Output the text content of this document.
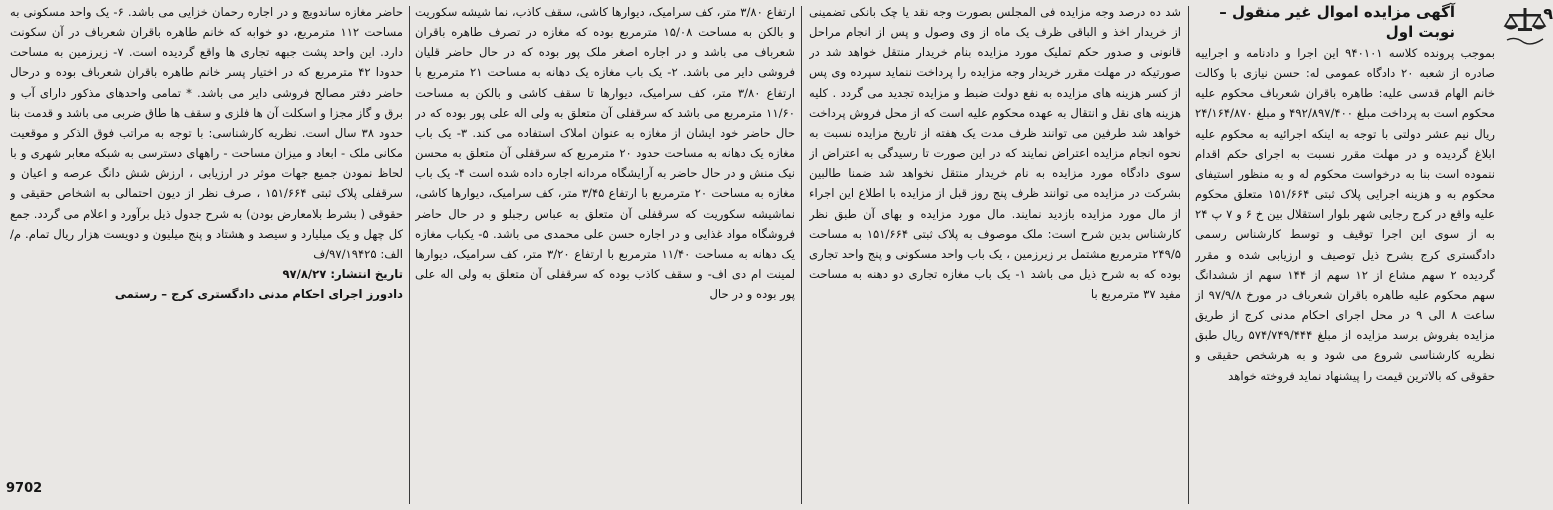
۹
آگهی مزایده اموال غیر منقول – نوبت اول

بموجب پرونده کلاسه ۹۴۰۱۰۱ این اجرا و دادنامه و اجراییه صادره از شعبه ۲۰ دادگاه عمومی له: حسن نیازی با وکالت خانم الهام قدسی علیه: طاهره باقران شعرباف محکوم علیه محکوم است به پرداخت مبلغ ۴۹۲/۸۹۷/۴۰۰ و مبلغ ۲۴/۱۶۴/۸۷۰ ریال نیم عشر دولتی با توجه به اینکه اجرائیه به محکوم علیه ابلاغ گردیده و در مهلت مقرر نسبت به اجرای حکم اقدام ننموده است بنا به درخواست محکوم له و به منظور استیفای محکوم به و هزینه اجرایی پلاک ثبتی ۱۵۱/۶۶۴ متعلق محکوم علیه واقع در کرج رجایی شهر بلوار استقلال بین خ ۶ و ۷ پ ۲۴ به از سوی این اجرا توقیف و توسط کارشناس رسمی دادگستری کرج بشرح ذیل توصیف و ارزیابی شده و مقرر گردیده ۲ سهم مشاع از ۱۲ سهم از ۱۴۴ سهم از ششدانگ سهم محکوم علیه طاهره باقران شعرباف در مورخ ۹۷/۹/۸ از ساعت ۸ الی ۹ در محل اجرای احکام مدنی کرج از طریق مزایده بفروش برسد مزایده از مبلغ ۵۷۴/۷۴۹/۴۴۴ ریال طبق نظریه کارشناسی شروع می شود و به هرشخص حقیقی و حقوقی که بالاترین قیمت را پیشنهاد نماید فروخته خواهد

شد ده درصد وجه مزایده فی المجلس بصورت وجه نقد یا چک بانکی تضمینی از خریدار اخذ و الباقی ظرف یک ماه از وی وصول و پس از انجام مراحل قانونی و صدور حکم تملیک مورد مزایده بنام خریدار منتقل خواهد شد در صورتیکه در مهلت مقرر خریدار وجه مزایده را پرداخت ننماید سپرده وی پس از کسر هزینه های مزایده به نفع دولت ضبط و مزایده تجدید می گردد . کلیه هزینه های نقل و انتقال به عهده محکوم علیه است که از محل فروش پرداخت خواهد شد طرفین می توانند ظرف مدت یک هفته از تاریخ مزایده نسبت به نحوه انجام مزایده اعتراض نمایند که در این صورت تا رسیدگی به اعتراض از سوی دادگاه مورد مزایده به نام خریدار منتقل نخواهد شد ضمنا طالبین بشرکت در مزایده می توانند ظرف پنج روز قبل از مزایده با اطلاع این اجراء از مال مورد مزایده بازدید نمایند. مال مورد مزایده و بهای آن طبق نظر کارشناس بدین شرح است: ملک موصوف به پلاک ثبتی ۱۵۱/۶۶۴ به مساحت ۲۴۹/۵ مترمربع مشتمل بر زیرزمین ، یک باب واحد مسکونی و پنج واحد تجاری بوده که به شرح ذیل می باشد ۱- یک باب مغازه تجاری دو دهنه به مساحت مفید ۳۷ مترمربع با

ارتفاع ۳/۸۰ متر، کف سرامیک، دیوارها کاشی، سقف کاذب، نما شیشه سکوریت و بالکن به مساحت ۱۵/۰۸ مترمربع بوده که مغازه در تصرف طاهره باقران شعرباف می باشد و در اجاره اصغر ملک پور بوده که در حال حاضر قلیان فروشی دایر می باشد. ۲- یک باب مغازه یک دهانه به مساحت ۲۱ مترمربع با ارتفاع ۳/۸۰ متر، کف سرامیک، دیوارها تا سقف کاشی و بالکن به مساحت ۱۱/۶۰ مترمربع می باشد که سرقفلی آن متعلق به ولی اله علی پور بوده که در حال حاضر خود ایشان از مغازه به عنوان املاک استفاده می کند. ۳- یک باب مغازه یک دهانه به مساحت حدود ۲۰ مترمربع که سرقفلی آن متعلق به محسن نیک منش و در حال حاضر به آرایشگاه مردانه اجاره داده شده است ۴- یک باب مغازه به مساحت ۲۰ مترمربع با ارتفاع ۳/۴۵ متر، کف سرامیک، دیوارها کاشی، نماشیشه سکوریت که سرقفلی آن متعلق به عباس رجبلو و در حال حاضر فروشگاه مواد غذایی و در اجاره حسن علی محمدی می باشد. ۵- یکباب مغازه یک دهانه به مساحت ۱۱/۴۰ مترمربع با ارتفاع ۳/۲۰ متر، کف سرامیک، دیوارها لمینت ام دی اف- و سقف کاذب بوده که سرقفلی آن متعلق به ولی اله علی پور بوده و در حال

حاضر مغازه ساندویچ و در اجاره رحمان خزایی می باشد. ۶- یک واحد مسکونی به مساحت ۱۱۲ مترمربع، دو خوابه که خانم طاهره باقران شعرباف در آن سکونت دارد. این واحد پشت جبهه تجاری ها واقع گردیده است. ۷- زیرزمین به مساحت حدودا ۴۲ مترمربع که در اختیار پسر خانم طاهره باقران شعرباف بوده و درحال حاضر دفتر مصالح فروشی دایر می باشد. * تمامی واحدهای مذکور دارای آب و برق و گاز مجزا و اسکلت آن ها فلزی و سقف ها طاق ضربی می باشد و قدمت بنا حدود ۳۸ سال است. نظریه کارشناسی: با توجه به مراتب فوق الذکر و موقعیت مکانی ملک - ابعاد و میزان مساحت - راههای دسترسی به شبکه معابر شهری و با لحاظ نمودن جمیع جهات موثر در ارزیابی ، ارزش شش دانگ عرصه و اعیان و سرقفلی پلاک ثبتی ۱۵۱/۶۶۴ ، صرف نظر از دیون احتمالی به اشخاص حقیقی و حقوقی ( بشرط بلامعارض بودن) به شرح جدول ذیل برآورد و اعلام می گردد. جمع کل چهل و یک میلیارد و سیصد و هشتاد و پنج میلیون و دویست هزار ریال تمام. م/الف: ۹۷/۱۹۴۲۵/ف

تاریخ انتشار: ۹۷/۸/۲۷

دادورز اجرای احکام مدنی دادگستری کرج – رستمی

9702
